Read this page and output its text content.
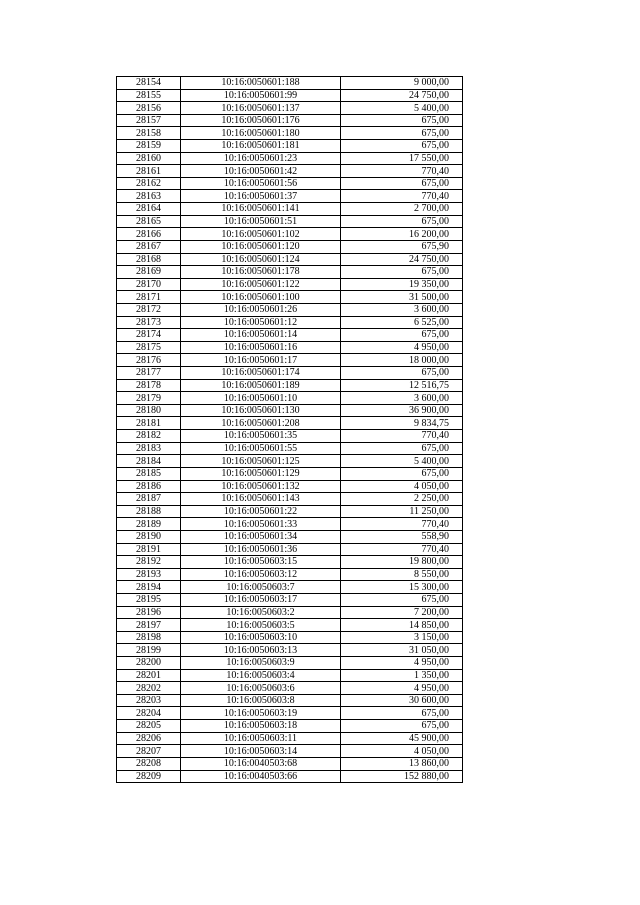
28154	10:16:0050601:188	9 000,00
28155	10:16:0050601:99	24 750,00
28156	10:16:0050601:137	5 400,00
28157	10:16:0050601:176	675,00
28158	10:16:0050601:180	675,00
28159	10:16:0050601:181	675,00
28160	10:16:0050601:23	17 550,00
28161	10:16:0050601:42	770,40
28162	10:16:0050601:56	675,00
28163	10:16:0050601:37	770,40
28164	10:16:0050601:141	2 700,00
28165	10:16:0050601:51	675,00
28166	10:16:0050601:102	16 200,00
28167	10:16:0050601:120	675,90
28168	10:16:0050601:124	24 750,00
28169	10:16:0050601:178	675,00
28170	10:16:0050601:122	19 350,00
28171	10:16:0050601:100	31 500,00
28172	10:16:0050601:26	3 600,00
28173	10:16:0050601:12	6 525,00
28174	10:16:0050601:14	675,00
28175	10:16:0050601:16	4 950,00
28176	10:16:0050601:17	18 000,00
28177	10:16:0050601:174	675,00
28178	10:16:0050601:189	12 516,75
28179	10:16:0050601:10	3 600,00
28180	10:16:0050601:130	36 900,00
28181	10:16:0050601:208	9 834,75
28182	10:16:0050601:35	770,40
28183	10:16:0050601:55	675,00
28184	10:16:0050601:125	5 400,00
28185	10:16:0050601:129	675,00
28186	10:16:0050601:132	4 050,00
28187	10:16:0050601:143	2 250,00
28188	10:16:0050601:22	11 250,00
28189	10:16:0050601:33	770,40
28190	10:16:0050601:34	558,90
28191	10:16:0050601:36	770,40
28192	10:16:0050603:15	19 800,00
28193	10:16:0050603:12	8 550,00
28194	10:16:0050603:7	15 300,00
28195	10:16:0050603:17	675,00
28196	10:16:0050603:2	7 200,00
28197	10:16:0050603:5	14 850,00
28198	10:16:0050603:10	3 150,00
28199	10:16:0050603:13	31 050,00
28200	10:16:0050603:9	4 950,00
28201	10:16:0050603:4	1 350,00
28202	10:16:0050603:6	4 950,00
28203	10:16:0050603:8	30 600,00
28204	10:16:0050603:19	675,00
28205	10:16:0050603:18	675,00
28206	10:16:0050603:11	45 900,00
28207	10:16:0050603:14	4 050,00
28208	10:16:0040503:68	13 860,00
28209	10:16:0040503:66	152 880,00
